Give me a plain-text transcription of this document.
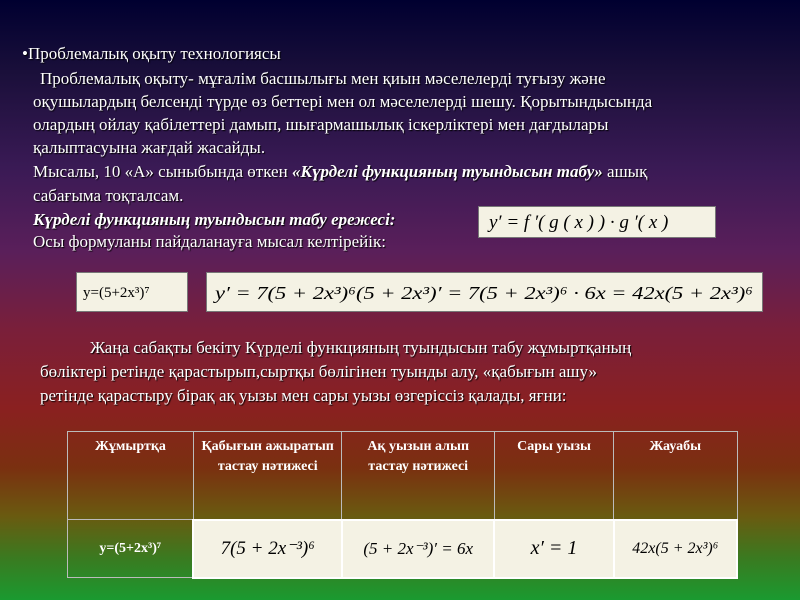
•Проблемалық оқыту технологиясы
Проблемалық оқыту- мұғалім басшылығы мен қиын мәселелерді туғызу және
оқушылардың белсенді түрде өз беттері мен ол мәселелерді шешу. Қорытындысында
олардың ойлау қабілеттері дамып, шығармашылық іскерліктері мен дағдылары
қалыптасуына жағдай жасайды.
Мысалы, 10 «А» сыныбында өткен «Күрделі функцияның туындысын табу» ашық
сабағыма тоқталсам.
Күрделі функцияның туындысын табу ережесі:	y′ = f ′( g ( x ) ) · g ′( x )
Осы формуланы пайдаланауға мысал келтірейік:
y=(5+2x³)⁷	y′ = 7(5 + 2x³)⁶(5 + 2x³)′ = 7(5 + 2x³)⁶ · 6x = 42x(5 + 2x³)⁶
Жаңа сабақты бекіту Күрделі функцияның туындысын табу жұмыртқаның
бөліктері ретінде қарастырып,сыртқы бөлігінен туынды алу, «қабығын ашу»
ретінде қарастыру бірақ ақ уызы мен сары уызы өзгеріссіз қалады, яғни:
Жұмыртқа	Қабығын ажыратып тастау нәтижесі	Ақ уызын алып тастау нәтижесі	Сары уызы	Жауабы
y=(5+2x³)⁷	7(5 + 2x⁻³)⁶	(5 + 2x⁻³)′ = 6x	x′ = 1	42x(5 + 2x³)⁶
